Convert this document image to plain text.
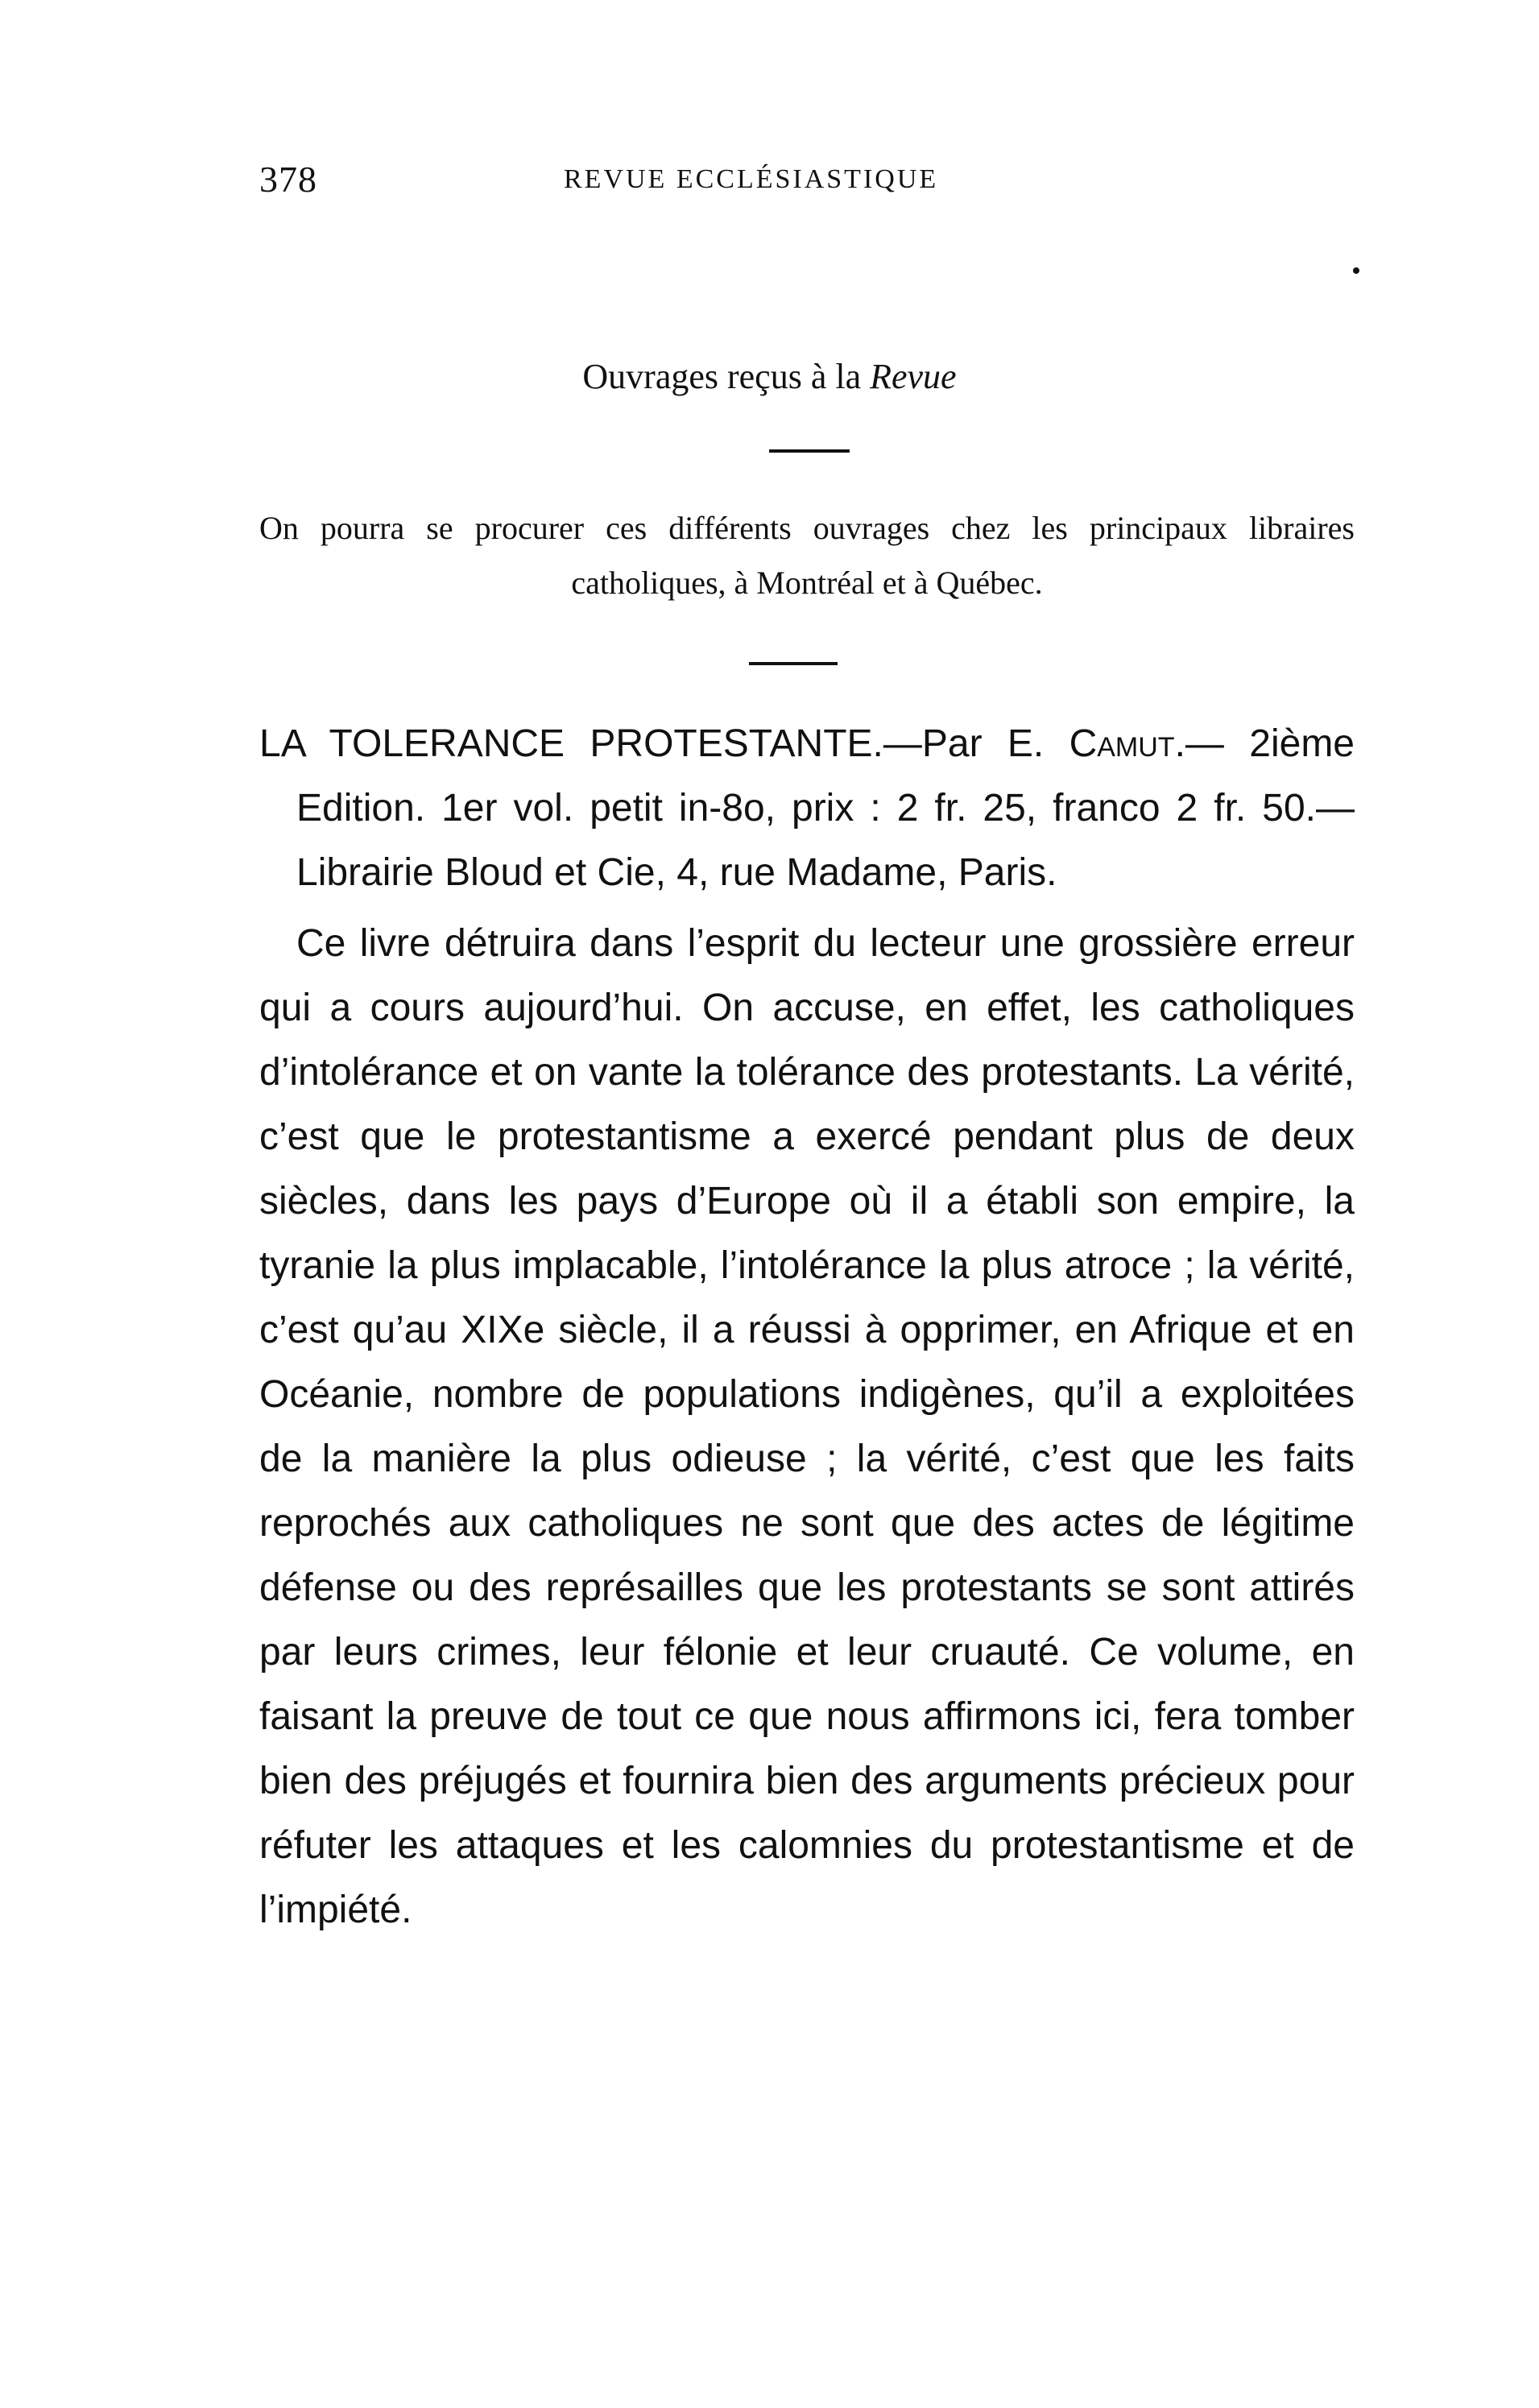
378	REVUE ECCLÉSIASTIQUE
Ouvrages reçus à la Revue

On pourra se procurer ces différents ouvrages chez les principaux libraires catholiques, à Montréal et à Québec.

LA TOLERANCE PROTESTANTE.—Par E. Camut.— 2ième Edition. 1er vol. petit in-8o, prix : 2 fr. 25, franco 2 fr. 50.—Librairie Bloud et Cie, 4, rue Madame, Paris.

Ce livre détruira dans l’esprit du lecteur une grossière erreur qui a cours aujourd’hui. On accuse, en effet, les catholiques d’intolérance et on vante la tolérance des protestants. La vérité, c’est que le protestantisme a exercé pendant plus de deux siècles, dans les pays d’Europe où il a établi son empire, la tyranie la plus implacable, l’intolérance la plus atroce ; la vérité, c’est qu’au XIXe siècle, il a réussi à opprimer, en Afrique et en Océanie, nombre de populations indigènes, qu’il a exploitées de la manière la plus odieuse ; la vérité, c’est que les faits reprochés aux catholiques ne sont que des actes de légitime défense ou des représailles que les protestants se sont attirés par leurs crimes, leur félonie et leur cruauté. Ce volume, en faisant la preuve de tout ce que nous affirmons ici, fera tomber bien des préjugés et fournira bien des arguments précieux pour réfuter les attaques et les calomnies du protestantisme et de l’impiété.
